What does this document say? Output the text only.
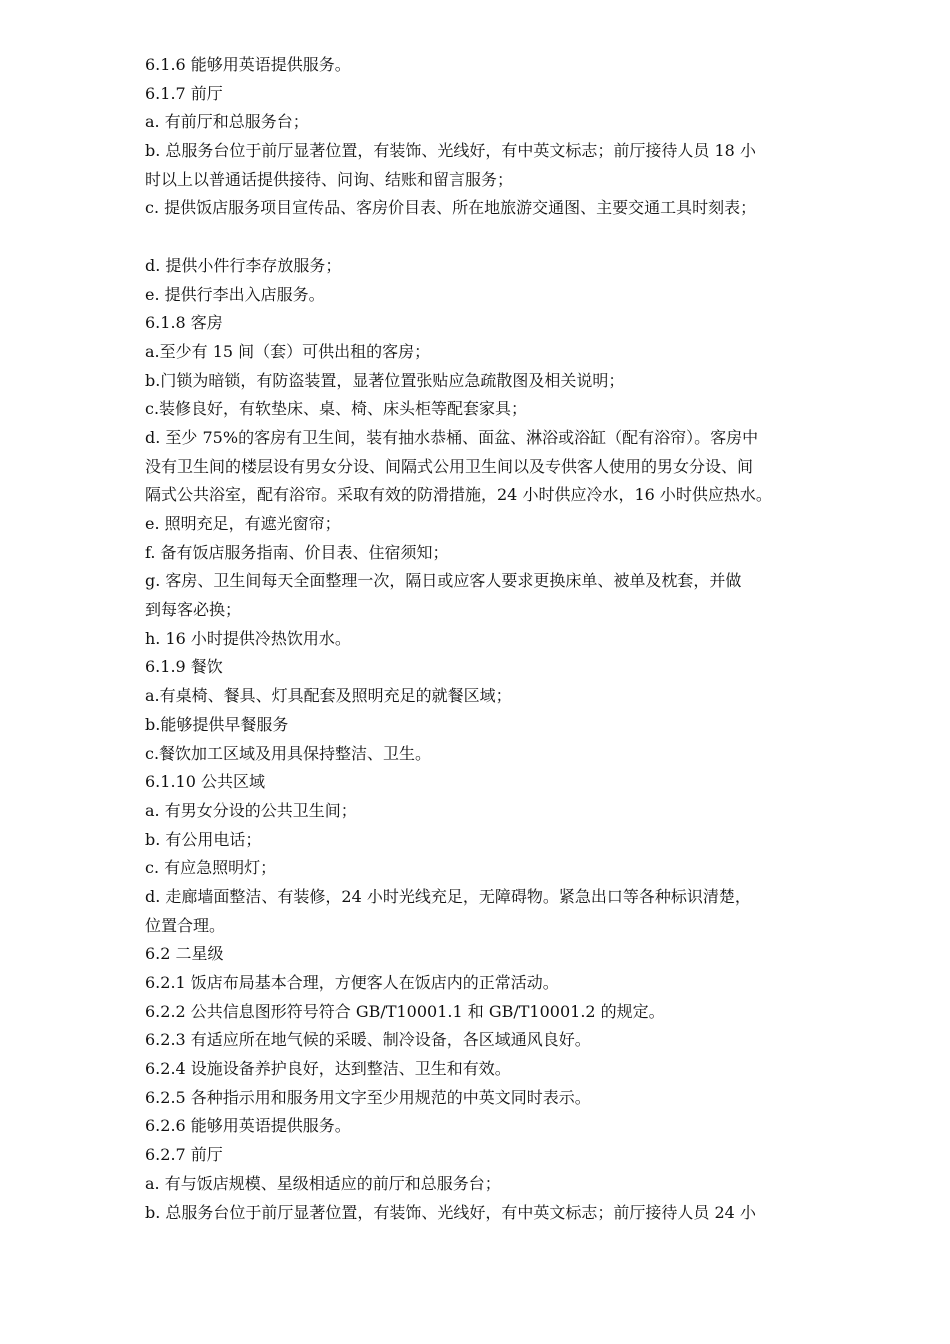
6.1.6 能够用英语提供服务。
6.1.7 前厅
a. 有前厅和总服务台；
b. 总服务台位于前厅显著位置，有装饰、光线好，有中英文标志；前厅接待人员 18 小
时以上以普通话提供接待、问询、结账和留言服务；
c. 提供饭店服务项目宣传品、客房价目表、所在地旅游交通图、主要交通工具时刻表；
d. 提供小件行李存放服务；
e. 提供行李出入店服务。
6.1.8 客房
a.至少有 15 间（套）可供出租的客房；
b.门锁为暗锁，有防盗装置，显著位置张贴应急疏散图及相关说明；
c.装修良好，有软垫床、桌、椅、床头柜等配套家具；
d. 至少 75%的客房有卫生间，装有抽水恭桶、面盆、淋浴或浴缸（配有浴帘）。客房中
没有卫生间的楼层设有男女分设、间隔式公用卫生间以及专供客人使用的男女分设、间
隔式公共浴室，配有浴帘。采取有效的防滑措施，24 小时供应冷水，16 小时供应热水。
e. 照明充足，有遮光窗帘；
f. 备有饭店服务指南、价目表、住宿须知；
g. 客房、卫生间每天全面整理一次，隔日或应客人要求更换床单、被单及枕套，并做
到每客必换；
h. 16 小时提供冷热饮用水。
6.1.9 餐饮
a.有桌椅、餐具、灯具配套及照明充足的就餐区域；
b.能够提供早餐服务
c.餐饮加工区域及用具保持整洁、卫生。
6.1.10 公共区域
a. 有男女分设的公共卫生间；
b. 有公用电话；
c. 有应急照明灯；
d. 走廊墙面整洁、有装修，24 小时光线充足，无障碍物。紧急出口等各种标识清楚，
位置合理。
6.2 二星级
6.2.1 饭店布局基本合理，方便客人在饭店内的正常活动。
6.2.2 公共信息图形符号符合 GB/T10001.1 和 GB/T10001.2 的规定。
6.2.3 有适应所在地气候的采暖、制冷设备，各区域通风良好。
6.2.4 设施设备养护良好，达到整洁、卫生和有效。
6.2.5 各种指示用和服务用文字至少用规范的中英文同时表示。
6.2.6 能够用英语提供服务。
6.2.7 前厅
a. 有与饭店规模、星级相适应的前厅和总服务台；
b. 总服务台位于前厅显著位置，有装饰、光线好，有中英文标志；前厅接待人员 24 小
